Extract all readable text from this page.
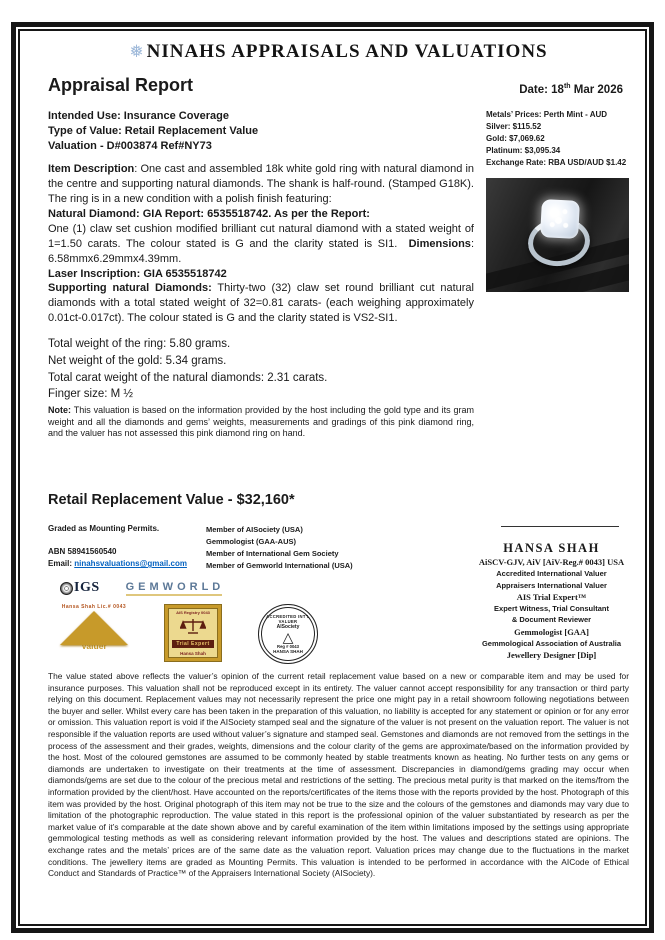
❅ NINAHS APPRAISALS AND VALUATIONS
Appraisal Report	Date: 18th Mar 2026
Intended Use: Insurance Coverage
Type of Value: Retail Replacement Value
Valuation - D#003874 Ref#NY73
Item Description: One cast and assembled 18k white gold ring with natural diamond in the centre and supporting natural diamonds. The shank is half-round. (Stamped G18K). The ring is in a new condition with a polish finish featuring:
Natural Diamond: GIA Report: 6535518742. As per the Report:
One (1) claw set cushion modified brilliant cut natural diamond with a stated weight of 1=1.50 carats. The colour stated is G and the clarity stated is SI1.  Dimensions: 6.58mmx6.29mmx4.39mm.
Laser Inscription: GIA 6535518742
Supporting natural Diamonds: Thirty-two (32) claw set round brilliant cut natural diamonds with a total stated weight of 32=0.81 carats- (each weighing approximately 0.01ct-0.017ct). The colour stated is G and the clarity stated is VS2-SI1.
Total weight of the ring: 5.80 grams.
Net weight of the gold: 5.34 grams.
Total carat weight of the natural diamonds: 2.31 carats.
Finger size: M ½
Note: This valuation is based on the information provided by the host including the gold type and its gram weight and all the diamonds and gems’ weights, measurements and gradings of this pink diamond ring, and the valuer has not assessed this pink diamond ring on hand.
Metals’ Prices: Perth Mint - AUD
Silver: $115.52
Gold: $7,069.62
Platinum: $3,095.34
Exchange Rate: RBA USD/AUD $1.42
Retail Replacement Value - $32,160*
Graded as Mounting Permits.
ABN 58941560540
Email: ninahsvaluations@gmail.com
Member of AISociety (USA)
Gemmologist (GAA-AUS)
Member of International Gem Society
Member of Gemworld International (USA)
IGS GEMWORLD
Hansa Shah Lic.# 0043
AISociety
Valuer
AIS Registry 0043
Trial Expert
Hansa Shah
ACCREDITED INT'L VALUER
AISociety
△
Reg # 0043
HANSA SHAH
HANSA SHAH
AiSCV-GJV, AiV [AiV-Reg.# 0043] USA
Accredited International Valuer
Appraisers International Valuer
AIS Trial Expert™
Expert Witness, Trial Consultant
& Document Reviewer
Gemmologist [GAA]
Gemmological Association of Australia
Jewellery Designer [Dip]
The value stated above reflects the valuer’s opinion of the current retail replacement value based on a new or comparable item and may be used for insurance purposes. This valuation shall not be reproduced except in its entirety. The valuer cannot accept responsibility for any transaction or third party relying on this document. Replacement values may not necessarily represent the price one might pay in a retail showroom following negotiations between the buyer and seller. Whilst every care has been taken in the preparation of this valuation, no liability is accepted for any statement or opinion or for any error or omission. This valuation report is void if the AISociety stamped seal and the signature of the valuer is not present on the valuation report. The valuer is not responsible if the valuation reports are used without valuer’s signature and stamped seal. Gemstones and diamonds are not removed from the settings in the process of the assessment and their grades, weights, dimensions and the colour clarity of the gems are approximate/based on the information provided by the host. Most of the coloured gemstones are assumed to be commonly heated by stable treatments known as heating. No further tests on any gems or diamonds are undertaken to investigate on their treatments at the time of assessment. Discrepancies in diamond/gems grading may occur when diamonds/gems are set due to the colour of the precious metal and restrictions of the setting. The precious metal purity is that marked on the items/from the information provided by the client/host. Have accounted on the reports/certificates of the items those with the reports provided by the host. Photograph of this item was provided by the host. Original photograph of this item may not be true to the size and the colours of the gemstones and diamonds may vary due to limitation of the photographic reproduction. The value stated in this report is the professional opinion of the valuer substantiated by research as per the market value of it’s comparable at the date shown above and by careful examination of the item within limitations imposed by the settings using appropriate gemmological testing methods as well as considering relevant information provided by the host. The values and descriptions stated are opinions. The exchange rates and the metals’ prices are of the same date as the valuation report. Valuation prices may change due to the fluctuations in the market conditions. The jewellery items are graded as Mounting Permits. This valuation is intended to be performed in accordance with the AICode of Ethical Conduct and Standards of Practice™ of the Appraisers International Society (AISociety).
